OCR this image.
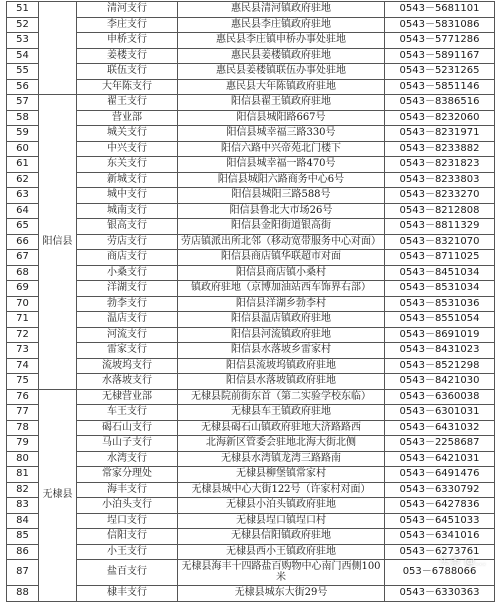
51		清河支行	惠民县清河镇政府驻地	0543－5681101
52		李庄支行	惠民县李庄镇政府驻地	0543－5831086
53		申桥支行	惠民县李庄镇申桥办事处驻地	0543－5771286
54		姜楼支行	惠民县姜楼镇政府驻地	0543－5891167
55		联伍支行	惠民县姜楼镇联伍办事处驻地	0543－5231265
56		大年陈支行	惠民县大年陈镇政府驻地	0543－5851146
57	阳信县	翟王支行	阳信县翟王镇政府驻地	0543－8386516
58		营业部	阳信县城阳路667号	0543－8232060
59		城关支行	阳信县城幸福三路330号	0543－8231971
60		中兴支行	阳信六路中兴帝苑北门楼下	0543－8233882
61		东关支行	阳信县城幸福一路470号	0543－8231823
62		新城支行	阳信县城阳六路商务中心6号	0543－8233803
63		城中支行	阳信县城阳三路588号	0543－8233270
64		城南支行	阳信县鲁北大市场26号	0543－8212808
65		银高支行	阳信县金阳街道银高街	0543－8811329
66		劳店支行	劳店镇派出所北邻（移动宽带服务中心对面）	0543－8321070
67		商店支行	阳信县商店镇华联超市对面	0543－8711025
68		小桑支行	阳信县商店镇小桑村	0543－8451034
69		洋湖支行	镇政府驻地（京博加油站西车饰界右部）	0543－8531034
70		勃李支行	阳信县洋湖乡勃李村	0543－8531036
71		温店支行	阳信县温店镇政府驻地	0543－8551054
72		河流支行	阳信县河流镇政府驻地	0543－8691019
73		雷家支行	阳信县水落坡乡雷家村	0543－8431023
74		流坡坞支行	阳信县流坡坞镇政府驻地	0543－8521298
75		水落坡支行	阳信县水落坡镇政府驻地	0543－8421030
76	无棣县	无棣营业部	无棣县院前街东首（第二实验学校东临）	0543－6360038
77		车王支行	无棣县车王镇政府驻地	0543－6301031
78		碣石山支行	无棣县碣石山镇政府驻地大济路路西	0543－6431032
79		马山子支行	北海新区管委会驻地北海大街北侧	0543－2258687
80		水湾支行	无棣县水湾镇龙湾三路路南	0543－6421031
81		常家分理处	无棣县柳堡镇常家村	0543－6491476
82		海丰支行	无棣县城中心大街122号（许家村对面）	0543－6330792
83		小泊头支行	无棣县小泊头镇政府驻地	0543－6427836
84		埕口支行	无棣县埕口镇埕口村	0543－6451033
85		信阳支行	无棣县信阳镇政府驻地	0543－6341016
86		小王支行	无棣县西小王镇政府驻地	0543－6273761
87		盐百支行	无棣县海丰十四路盐百购物中心南门西侧100米	053－6788066
88		棣丰支行	无棣县城东大街29号	0543－6330363
头条 @…
